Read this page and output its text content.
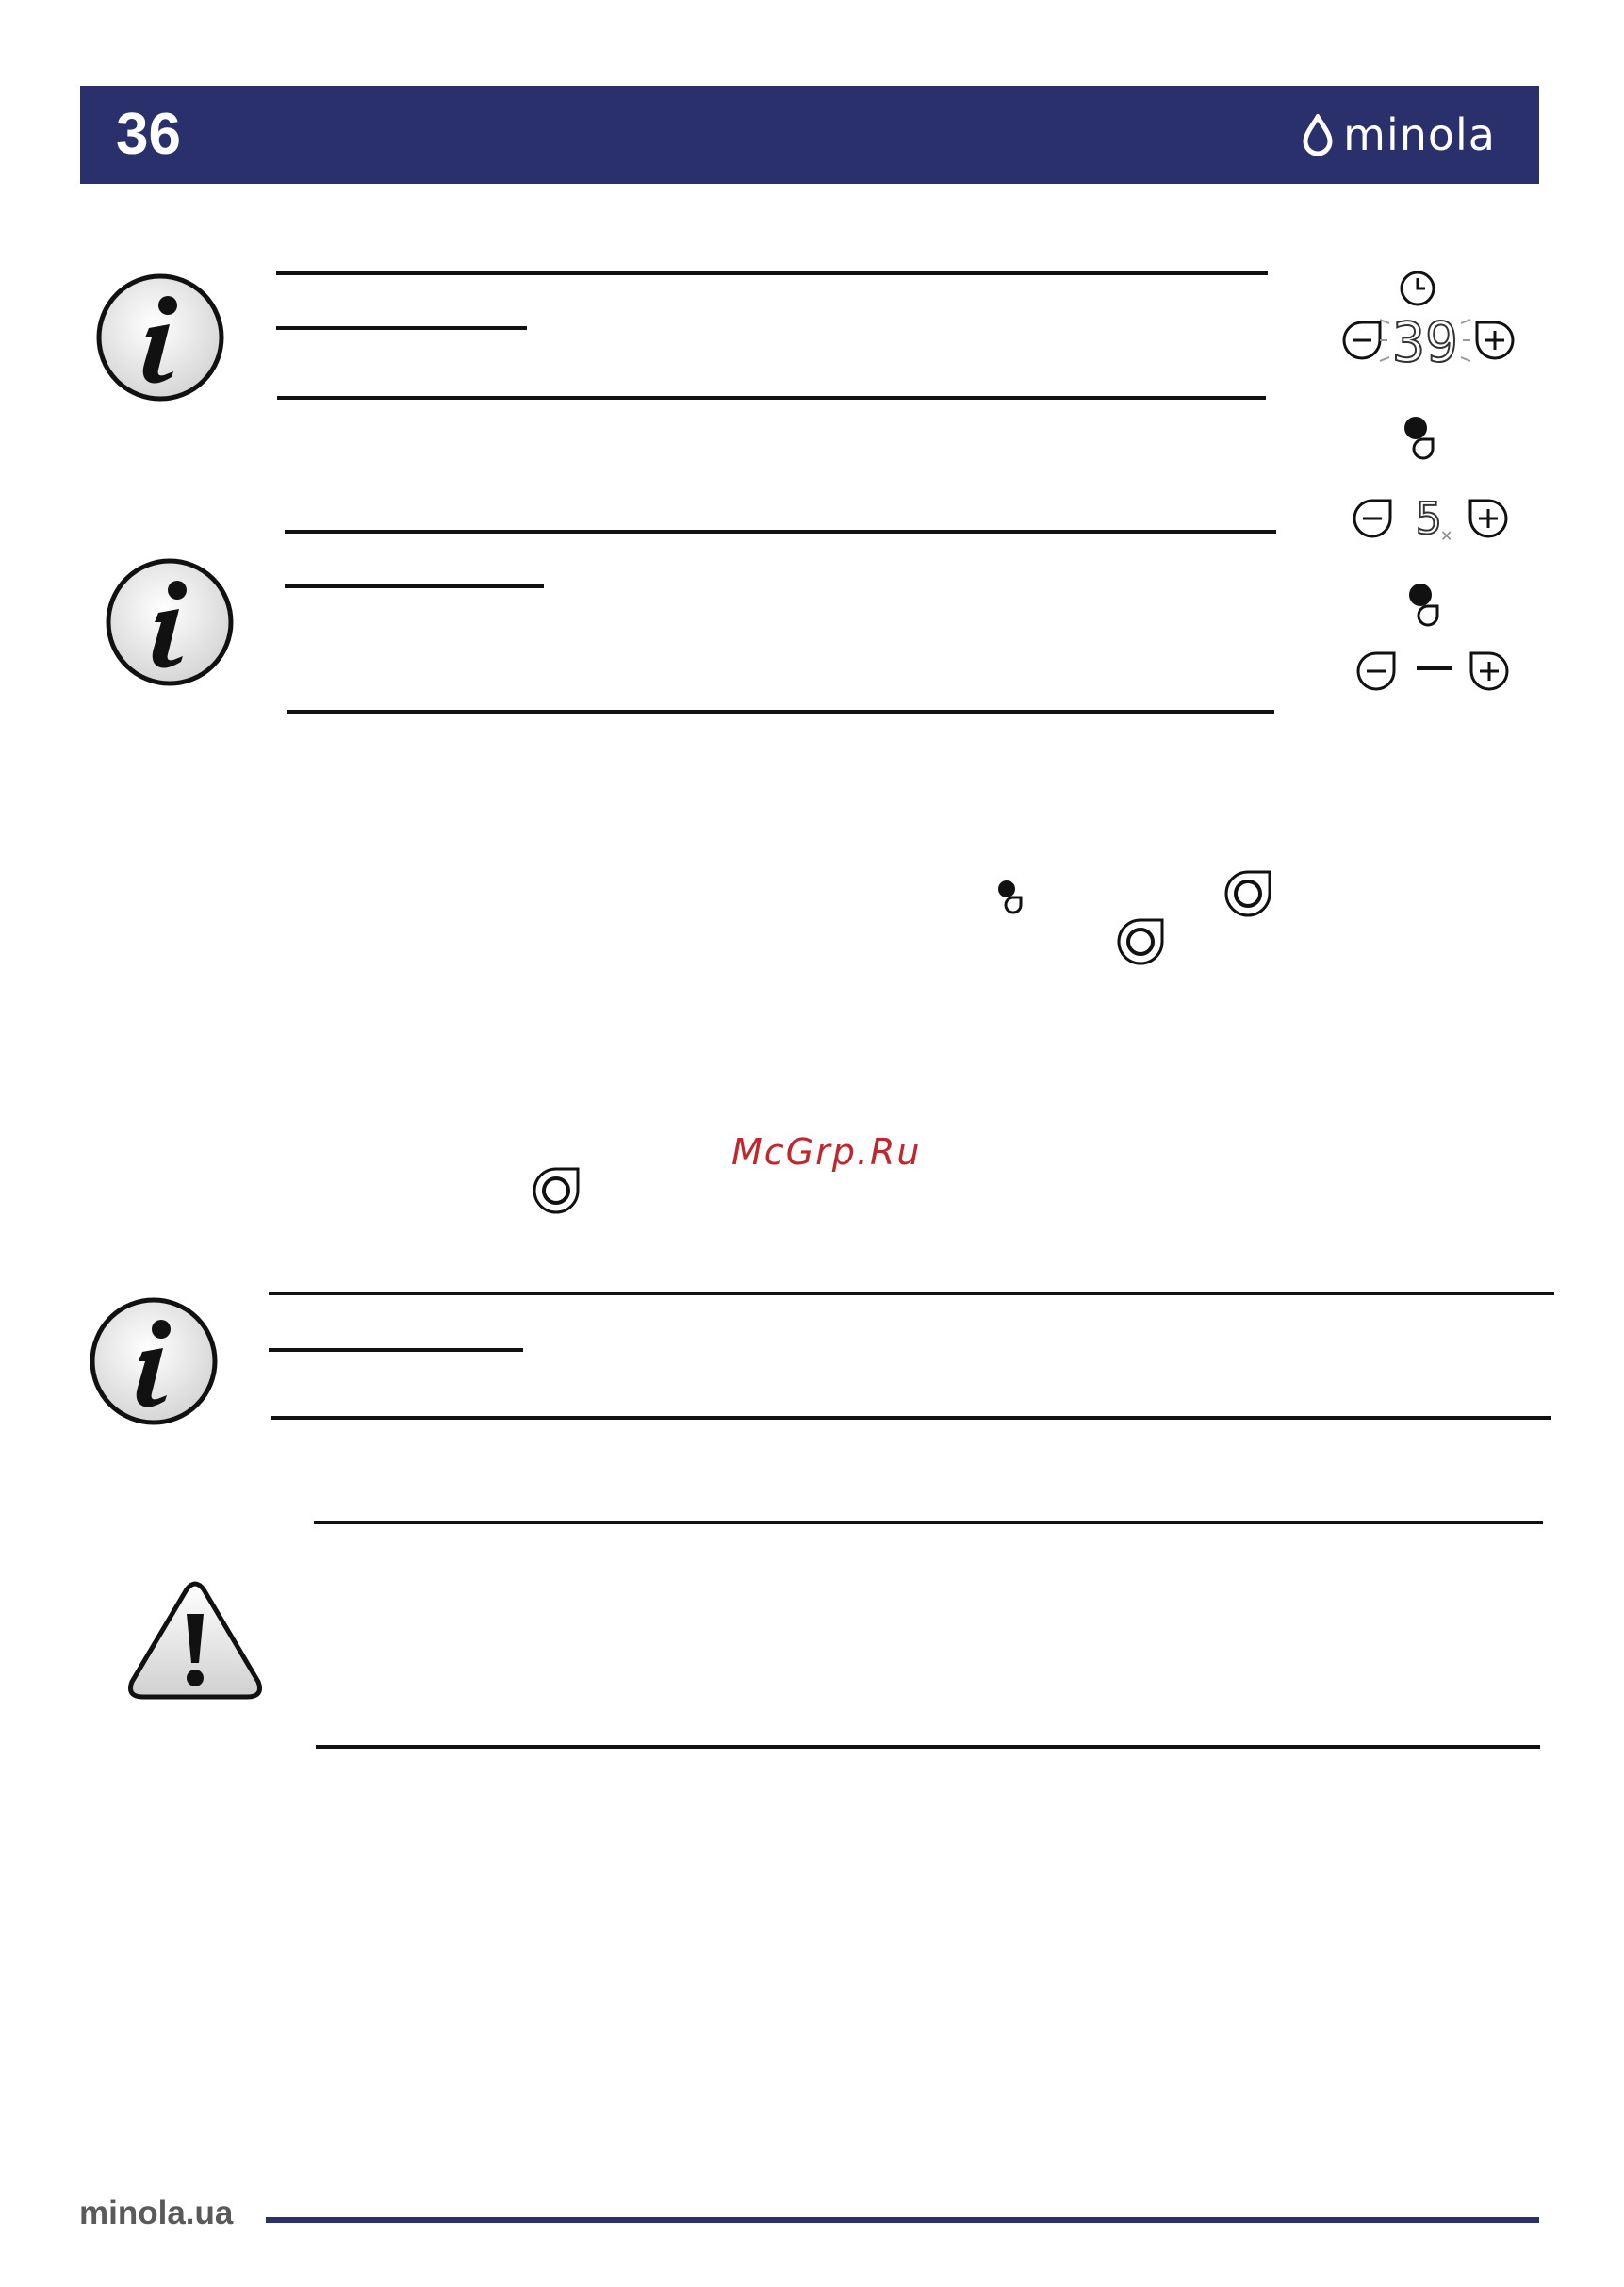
36	minola
39
5
✕
McGrp.Ru
minola.ua
